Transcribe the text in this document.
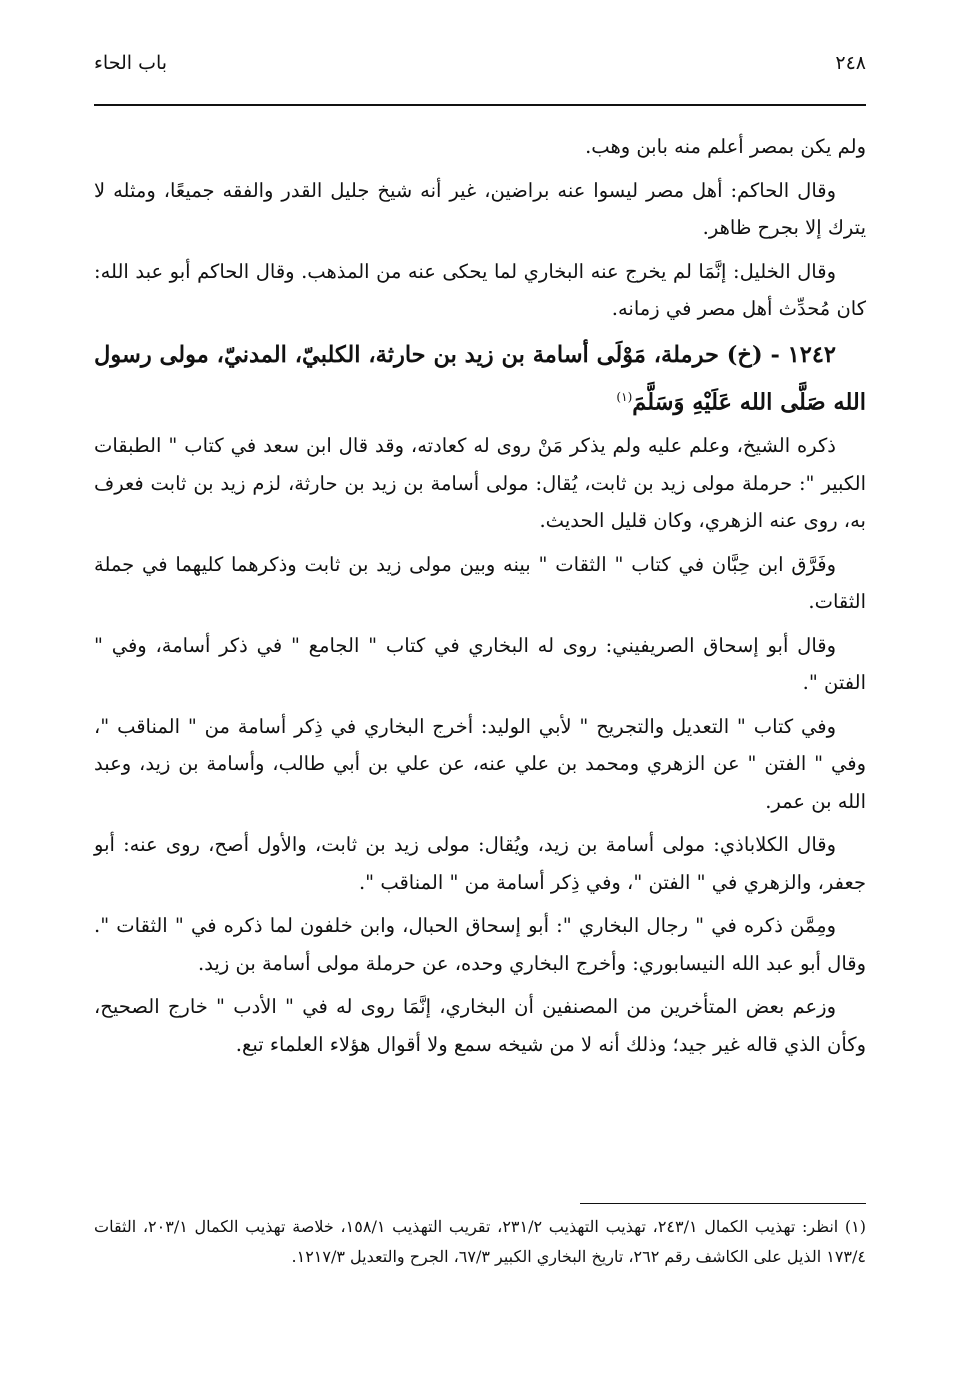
٢٤٨
باب الحاء

ولم يكن بمصر أعلم منه بابن وهب.

وقال الحاكم: أهل مصر ليسوا عنه براضين، غير أنه شيخ جليل القدر والفقه جميعًا، ومثله لا يترك إلا بجرح ظاهر.

وقال الخليل: إنَّمَا لم يخرج عنه البخاري لما يحكى عنه من المذهب. وقال الحاكم أبو عبد الله: كان مُحدِّث أهل مصر في زمانه.

١٢٤٢ - (خ) حرملة، مَوْلَى أسامة بن زيد بن حارثة، الكلبيّ، المدنيّ، مولى رسول الله صَلَّى الله عَلَيْهِ وَسَلَّمَ$^{(١)}$

ذكره الشيخ، وعلم عليه ولم يذكر مَنْ روى له كعادته، وقد قال ابن سعد في كتاب " الطبقات الكبير ": حرملة مولى زيد بن ثابت، يُقال: مولى أسامة بن زيد بن حارثة، لزم زيد بن ثابت فعرف به، روى عنه الزهري، وكان قليل الحديث.

وفَرَّق ابن حِبَّان في كتاب " الثقات " بينه وبين مولى زيد بن ثابت وذكرهما كليهما في جملة الثقات.

وقال أبو إسحاق الصريفيني: روى له البخاري في كتاب " الجامع " في ذكر أسامة، وفي " الفتن ".

وفي كتاب " التعديل والتجريح " لأبي الوليد: أخرج البخاري في ذِكر أسامة من " المناقب "، وفي " الفتن " عن الزهري ومحمد بن علي عنه، عن علي بن أبي طالب، وأسامة بن زيد، وعبد الله بن عمر.

وقال الكلاباذي: مولى أسامة بن زيد، ويُقال: مولى زيد بن ثابت، والأول أصح، روى عنه: أبو جعفر، والزهري في " الفتن "، وفي ذِكر أسامة من " المناقب ".

ومِمَّن ذكره في " رجال البخاري ": أبو إسحاق الحبال، وابن خلفون لما ذكره في " الثقات ". وقال أبو عبد الله النيسابوري: وأخرج البخاري وحده، عن حرملة مولى أسامة بن زيد.

وزعم بعض المتأخرين من المصنفين أن البخاري، إنَّمَا روى له في " الأدب " خارج الصحيح، وكأن الذي قاله غير جيد؛ وذلك أنه لا من شيخه سمع ولا أقوال هؤلاء العلماء تبع.

(١) انظر: تهذيب الكمال ٢٤٣/١، تهذيب التهذيب ٢٣١/٢، تقريب التهذيب ١٥٨/١، خلاصة تهذيب الكمال ٢٠٣/١، الثقات ١٧٣/٤ الذيل على الكاشف رقم ٢٦٢، تاريخ البخاري الكبير ٦٧/٣، الجرح والتعديل ١٢١٧/٣.
